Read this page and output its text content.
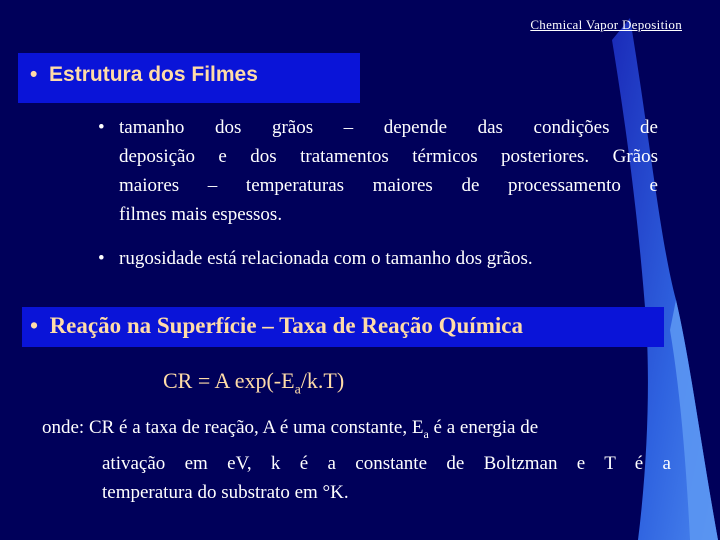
Chemical Vapor Deposition
• Estrutura dos Filmes
• tamanho dos grãos – depende das condições de
deposição e dos tratamentos térmicos posteriores. Grãos
maiores – temperaturas maiores de processamento e
filmes mais espessos.
• rugosidade está relacionada com o tamanho dos grãos.
• Reação na Superfície – Taxa de Reação Química
CR = A $\exp(-E_a/k.T)$
onde: CR é a taxa de reação, A é uma constante, $E_a$ é a energia de
ativação em eV, k é a constante de Boltzman e T é a
temperatura do substrato em °K.
